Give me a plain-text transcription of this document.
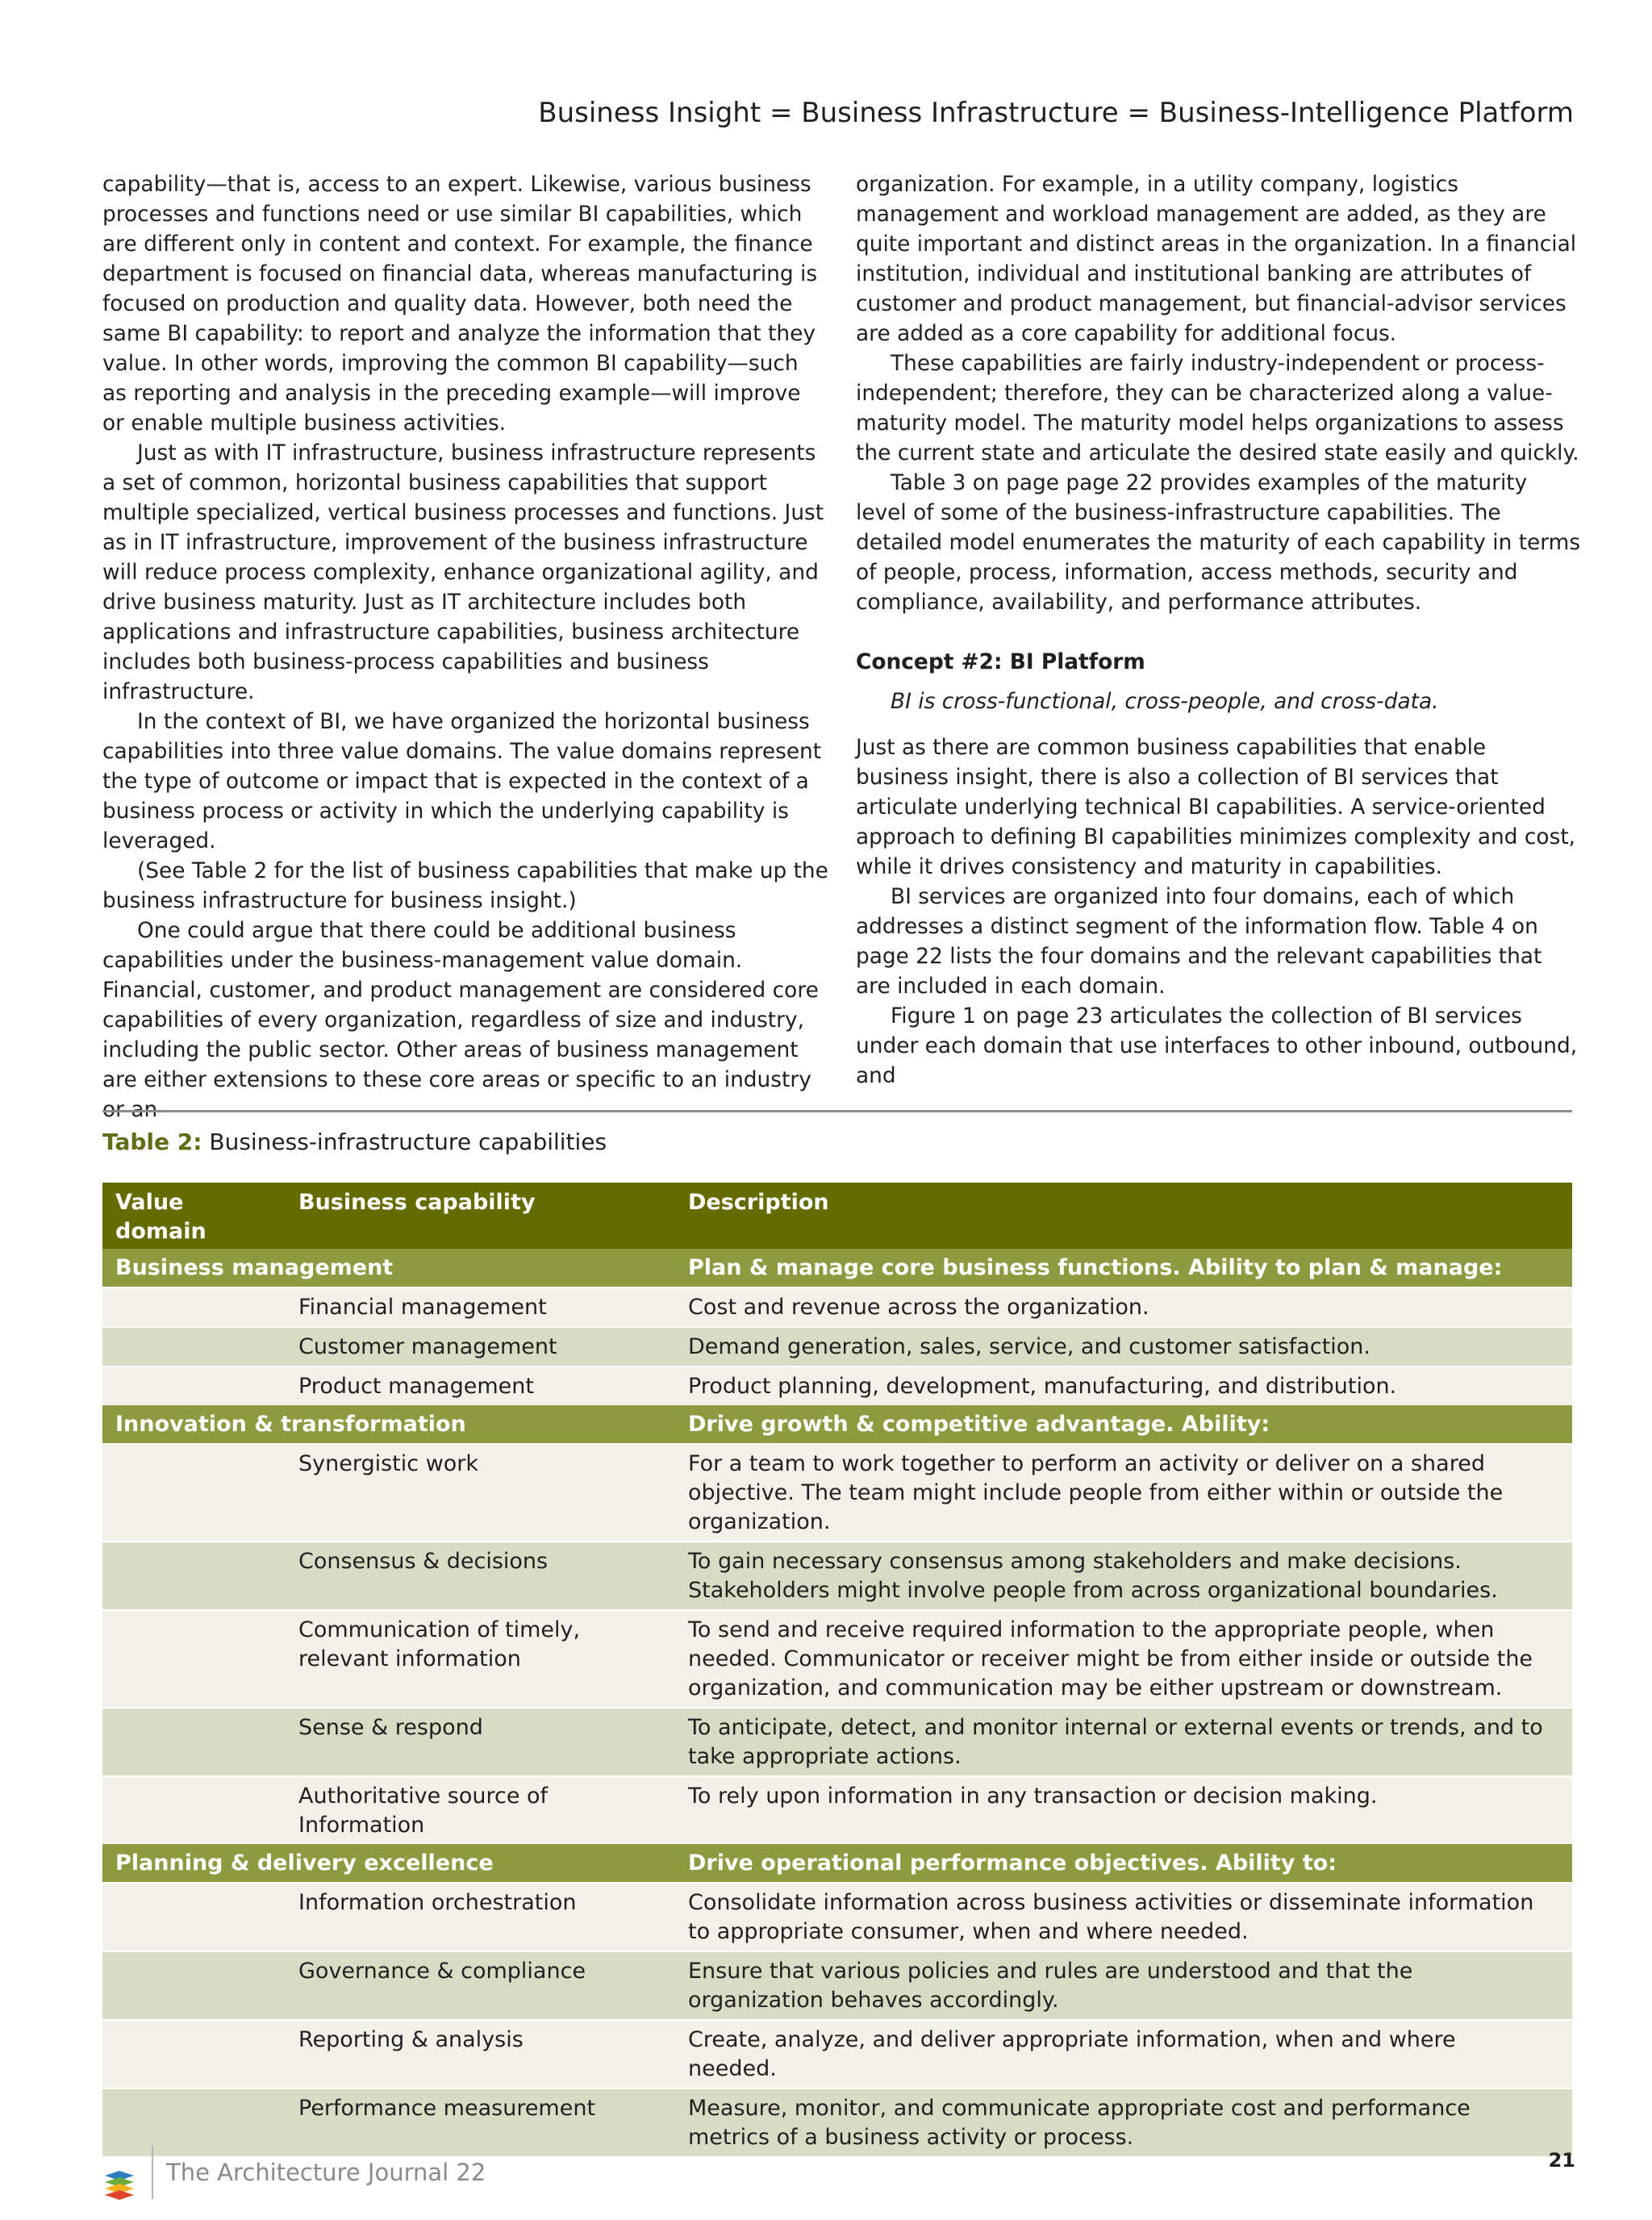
Business Insight = Business Infrastructure = Business-Intelligence Platform

capability—that is, access to an expert. Likewise, various business processes and functions need or use similar BI capabilities, which are different only in content and context. For example, the finance department is focused on financial data, whereas manufacturing is focused on production and quality data. However, both need the same BI capability: to report and analyze the information that they value. In other words, improving the common BI capability—such as reporting and analysis in the preceding example—will improve or enable multiple business activities.

Just as with IT infrastructure, business infrastructure represents a set of common, horizontal business capabilities that support multiple specialized, vertical business processes and functions. Just as in IT infrastructure, improvement of the business infrastructure will reduce process complexity, enhance organizational agility, and drive business maturity. Just as IT architecture includes both applications and infrastructure capabilities, business architecture includes both business-process capabilities and business infrastructure.

In the context of BI, we have organized the horizontal business capabilities into three value domains. The value domains represent the type of outcome or impact that is expected in the context of a business process or activity in which the underlying capability is leveraged.

(See Table 2 for the list of business capabilities that make up the business infrastructure for business insight.)

One could argue that there could be additional business capabilities under the business-management value domain. Financial, customer, and product management are considered core capabilities of every organization, regardless of size and industry, including the public sector. Other areas of business management are either extensions to these core areas or specific to an industry or an

organization. For example, in a utility company, logistics management and workload management are added, as they are quite important and distinct areas in the organization. In a financial institution, individual and institutional banking are attributes of customer and product management, but financial-advisor services are added as a core capability for additional focus.

These capabilities are fairly industry-independent or process-independent; therefore, they can be characterized along a value-maturity model. The maturity model helps organizations to assess the current state and articulate the desired state easily and quickly.

Table 3 on page page 22 provides examples of the maturity level of some of the business-infrastructure capabilities. The detailed model enumerates the maturity of each capability in terms of people, process, information, access methods, security and compliance, availability, and performance attributes.

Concept #2: BI Platform

BI is cross-functional, cross-people, and cross-data.

Just as there are common business capabilities that enable business insight, there is also a collection of BI services that articulate underlying technical BI capabilities. A service-oriented approach to defining BI capabilities minimizes complexity and cost, while it drives consistency and maturity in capabilities.

BI services are organized into four domains, each of which addresses a distinct segment of the information flow. Table 4 on page 22 lists the four domains and the relevant capabilities that are included in each domain.

Figure 1 on page 23 articulates the collection of BI services under each domain that use interfaces to other inbound, outbound, and

Table 2: Business-infrastructure capabilities
Value domain	Business capability	Description
Business management		Plan & manage core business functions. Ability to plan & manage:
	Financial management	Cost and revenue across the organization.
	Customer management	Demand generation, sales, service, and customer satisfaction.
	Product management	Product planning, development, manufacturing, and distribution.
Innovation & transformation		Drive growth & competitive advantage. Ability:
	Synergistic work	For a team to work together to perform an activity or deliver on a shared objective. The team might include people from either within or outside the organization.
	Consensus & decisions	To gain necessary consensus among stakeholders and make decisions. Stakeholders might involve people from across organizational boundaries.
	Communication of timely, relevant information	To send and receive required information to the appropriate people, when needed. Communicator or receiver might be from either inside or outside the organization, and communication may be either upstream or downstream.
	Sense & respond	To anticipate, detect, and monitor internal or external events or trends, and to take appropriate actions.
	Authoritative source of Information	To rely upon information in any transaction or decision making.
Planning & delivery excellence		Drive operational performance objectives. Ability to:
	Information orchestration	Consolidate information across business activities or disseminate information to appropriate consumer, when and where needed.
	Governance & compliance	Ensure that various policies and rules are understood and that the organization behaves accordingly.
	Reporting & analysis	Create, analyze, and deliver appropriate information, when and where needed.
	Performance measurement	Measure, monitor, and communicate appropriate cost and performance metrics of a business activity or process.
The Architecture Journal 22	21
